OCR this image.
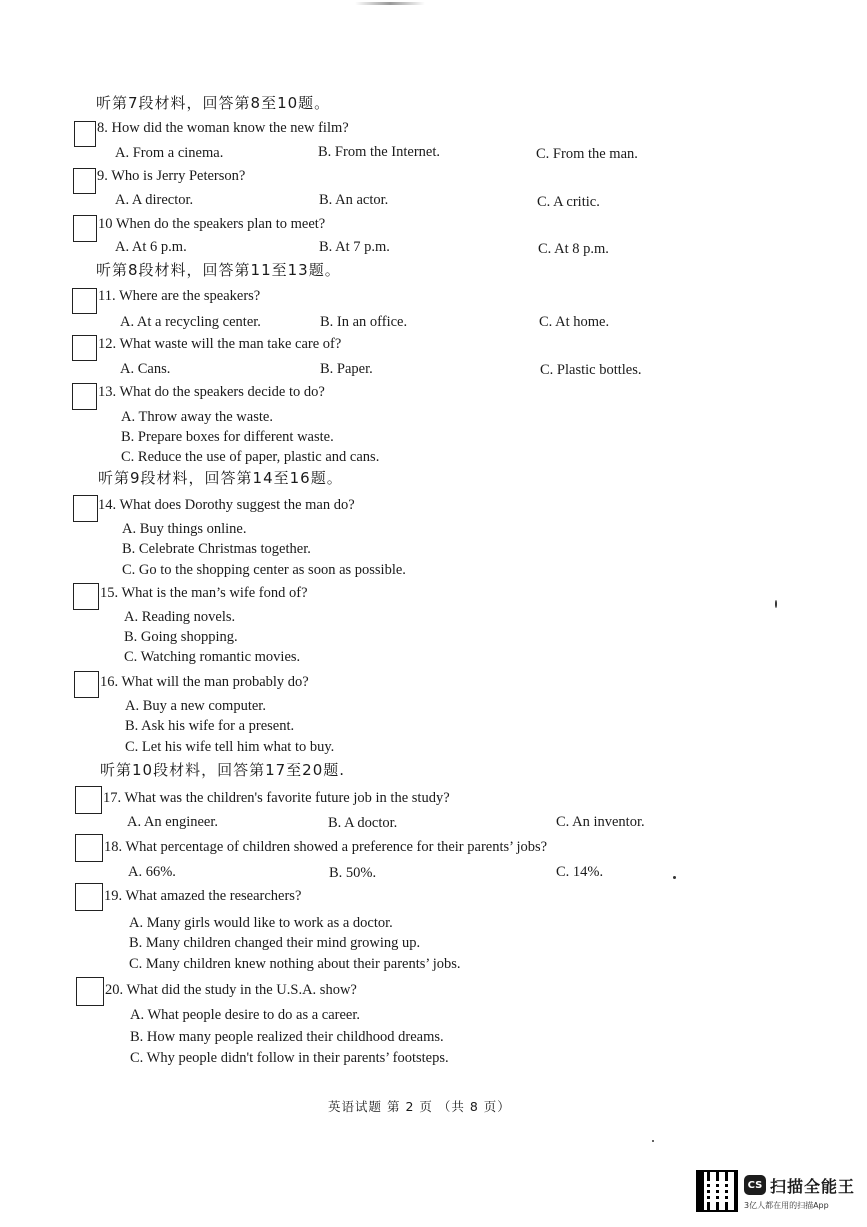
听第7段材料，回答第8至10题。
听第8段材料，回答第11至13题。
听第9段材料，回答第14至16题。
听第10段材料，回答第17至20题.
8. How did the woman know the new film?
A. From a cinema.	B. From the Internet.	C. From the man.
9. Who is Jerry Peterson?
A. A director.	B. An actor.	C. A critic.
10 When do the speakers plan to meet?
A. At 6 p.m.	B. At 7 p.m.	C. At 8 p.m.
11. Where are the speakers?
A. At a recycling center.	B. In an office.	C. At home.
12. What waste will the man take care of?
A. Cans.	B. Paper.	C. Plastic bottles.
13. What do the speakers decide to do?
A. Throw away the waste.
B. Prepare boxes for different waste.
C. Reduce the use of paper, plastic and cans.
14. What does Dorothy suggest the man do?
A. Buy things online.
B. Celebrate Christmas together.
C. Go to the shopping center as soon as possible.
15. What is the man’s wife fond of?
A. Reading novels.
B. Going shopping.
C. Watching romantic movies.
16. What will the man probably do?
A. Buy a new computer.
B. Ask his wife for a present.
C. Let his wife tell him what to buy.
17. What was the children's favorite future job in the study?
A. An engineer.	B. A doctor.	C. An inventor.
18. What percentage of children showed a preference for their parents’ jobs?
A. 66%.	B. 50%.	C. 14%.
19. What amazed the researchers?
A. Many girls would like to work as a doctor.
B. Many children changed their mind growing up.
C. Many children knew nothing about their parents’ jobs.
20. What did the study in the U.S.A. show?
A. What people desire to do as a career.
B. How many people realized their childhood dreams.
C. Why people didn't follow in their parents’ footsteps.
英语试题 第 2 页 （共 8 页）
CS 扫描全能王
3亿人都在用的扫描App
